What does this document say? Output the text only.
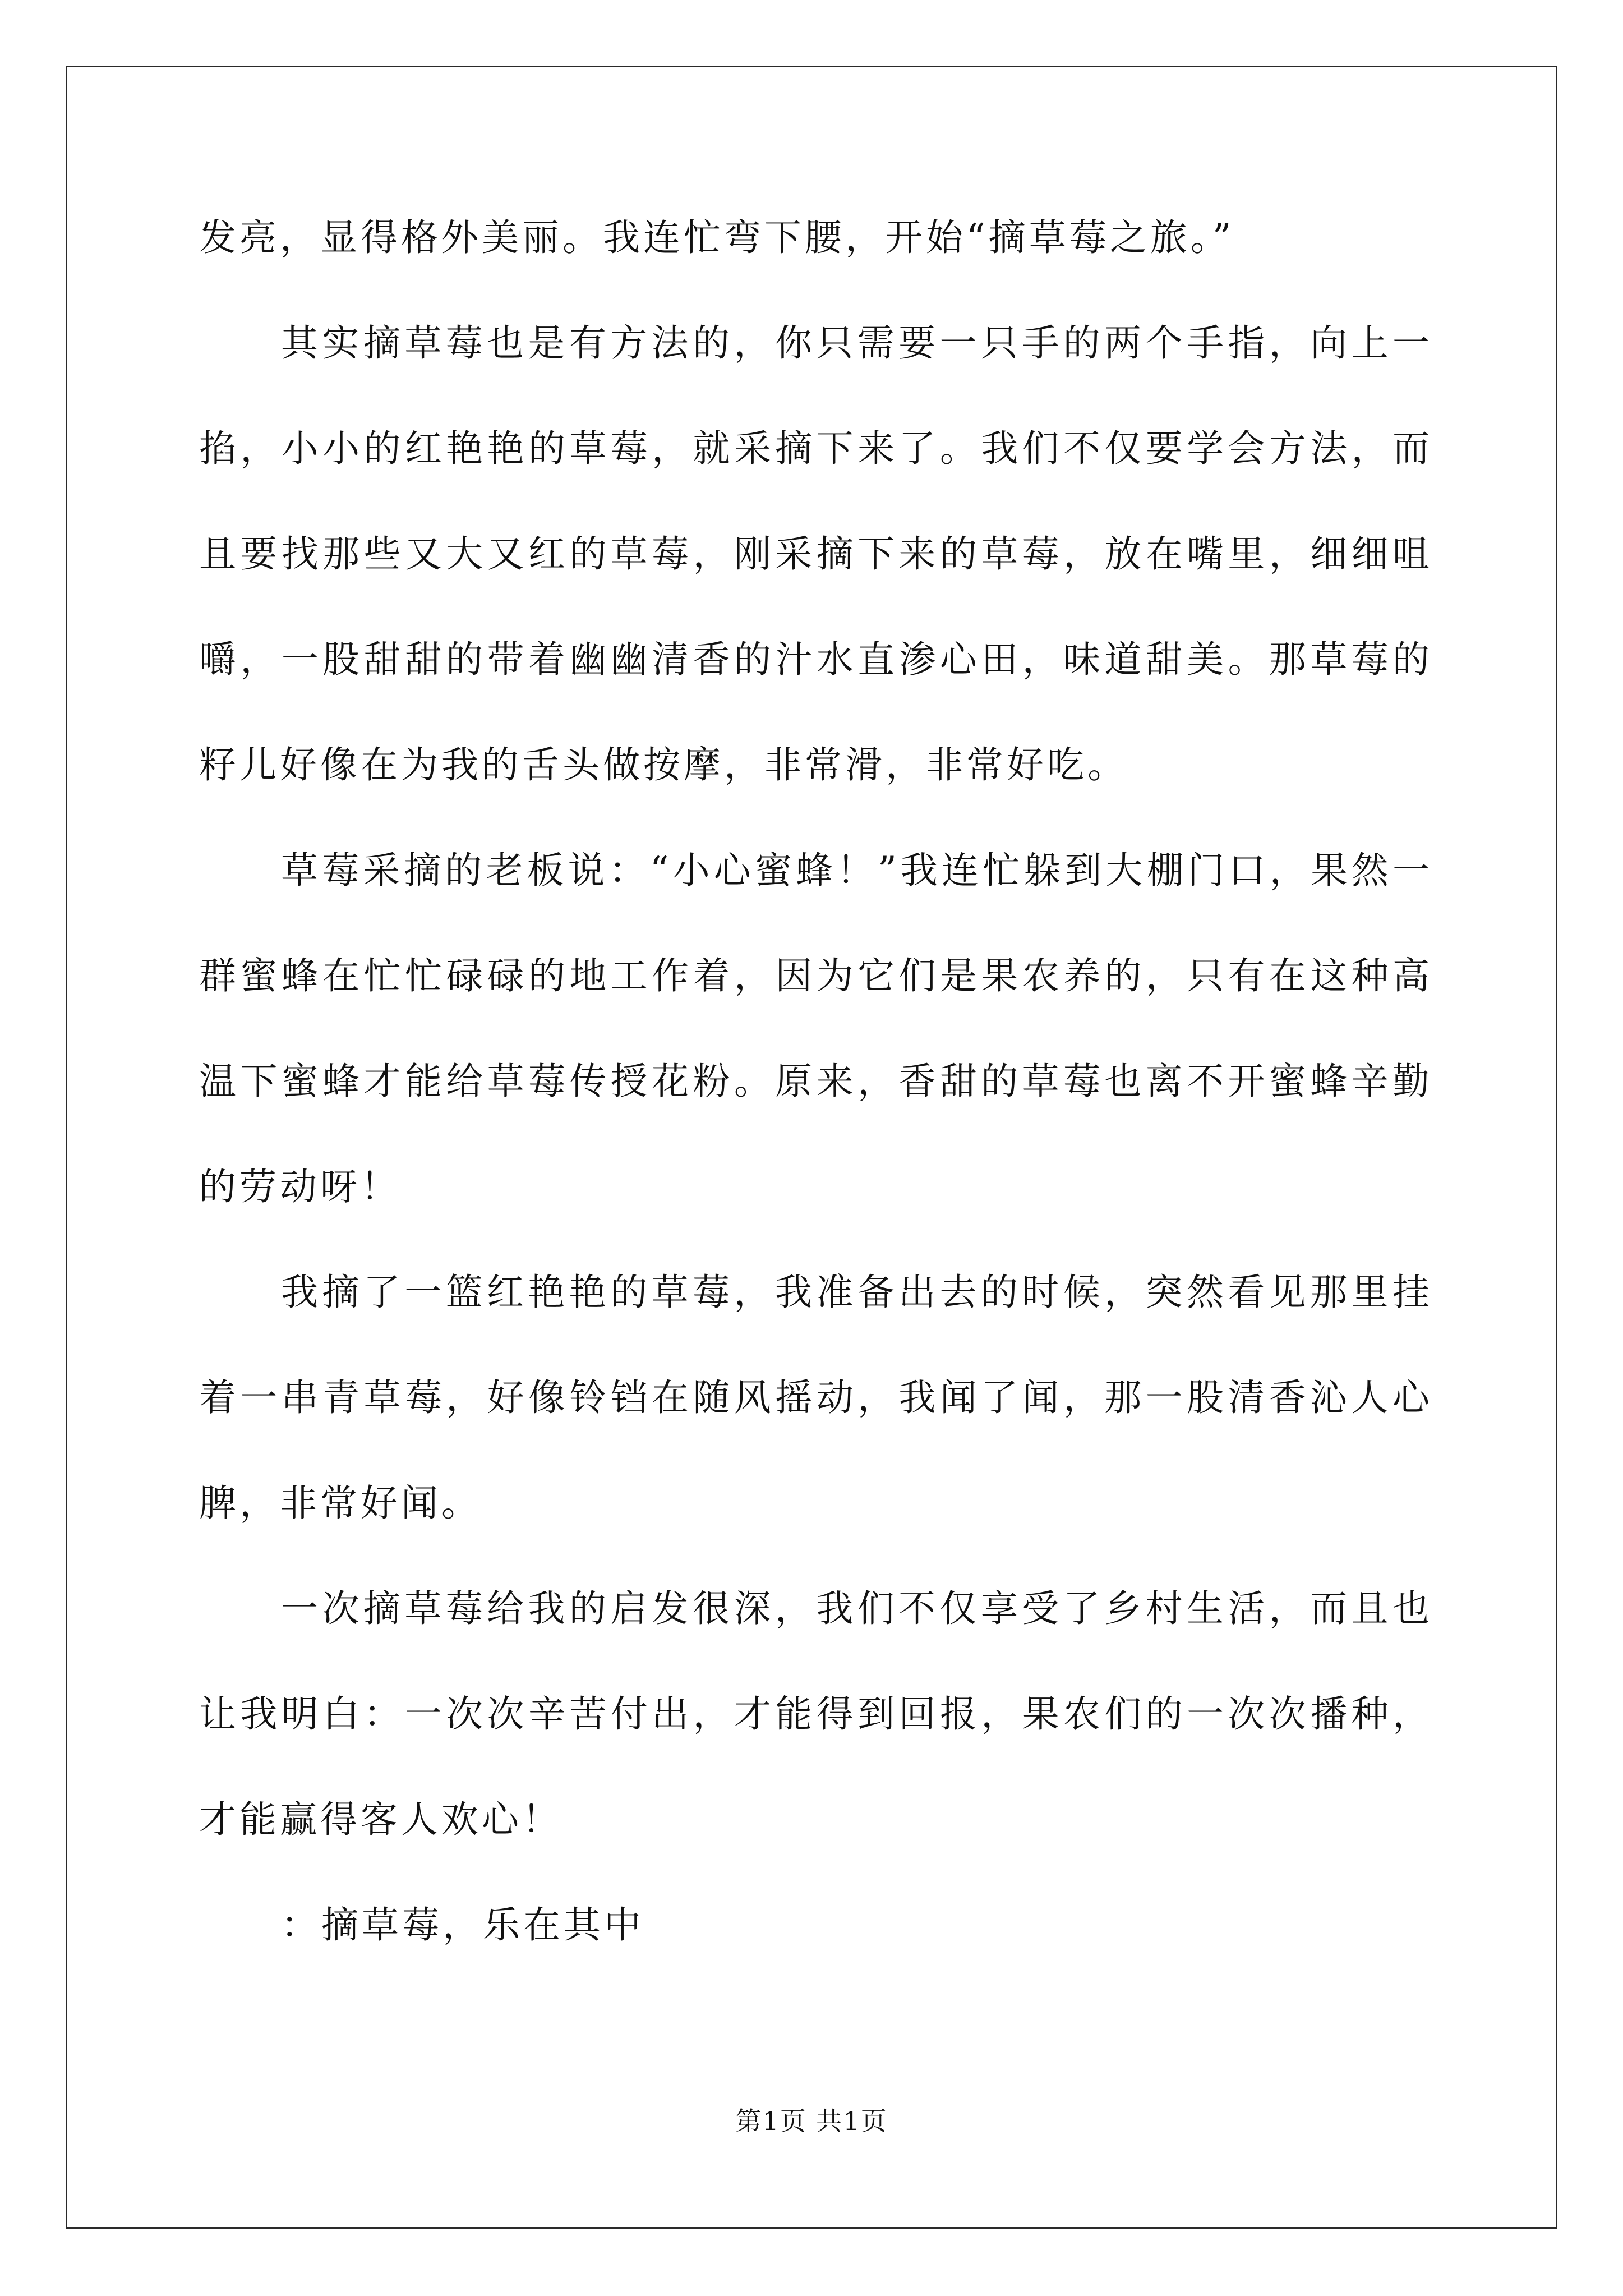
发亮，显得格外美丽。我连忙弯下腰，开始“摘草莓之旅。”

其实摘草莓也是有方法的，你只需要一只手的两个手指，向上一掐，小小的红艳艳的草莓，就采摘下来了。我们不仅要学会方法，而且要找那些又大又红的草莓，刚采摘下来的草莓，放在嘴里，细细咀嚼，一股甜甜的带着幽幽清香的汁水直渗心田，味道甜美。那草莓的籽儿好像在为我的舌头做按摩，非常滑，非常好吃。

草莓采摘的老板说：“小心蜜蜂！”我连忙躲到大棚门口，果然一群蜜蜂在忙忙碌碌的地工作着，因为它们是果农养的，只有在这种高温下蜜蜂才能给草莓传授花粉。原来，香甜的草莓也离不开蜜蜂辛勤的劳动呀！

我摘了一篮红艳艳的草莓，我准备出去的时候，突然看见那里挂着一串青草莓，好像铃铛在随风摇动，我闻了闻，那一股清香沁人心脾，非常好闻。

一次摘草莓给我的启发很深，我们不仅享受了乡村生活，而且也让我明白：一次次辛苦付出，才能得到回报，果农们的一次次播种，才能赢得客人欢心！

：摘草莓，乐在其中

第1页 共1页
